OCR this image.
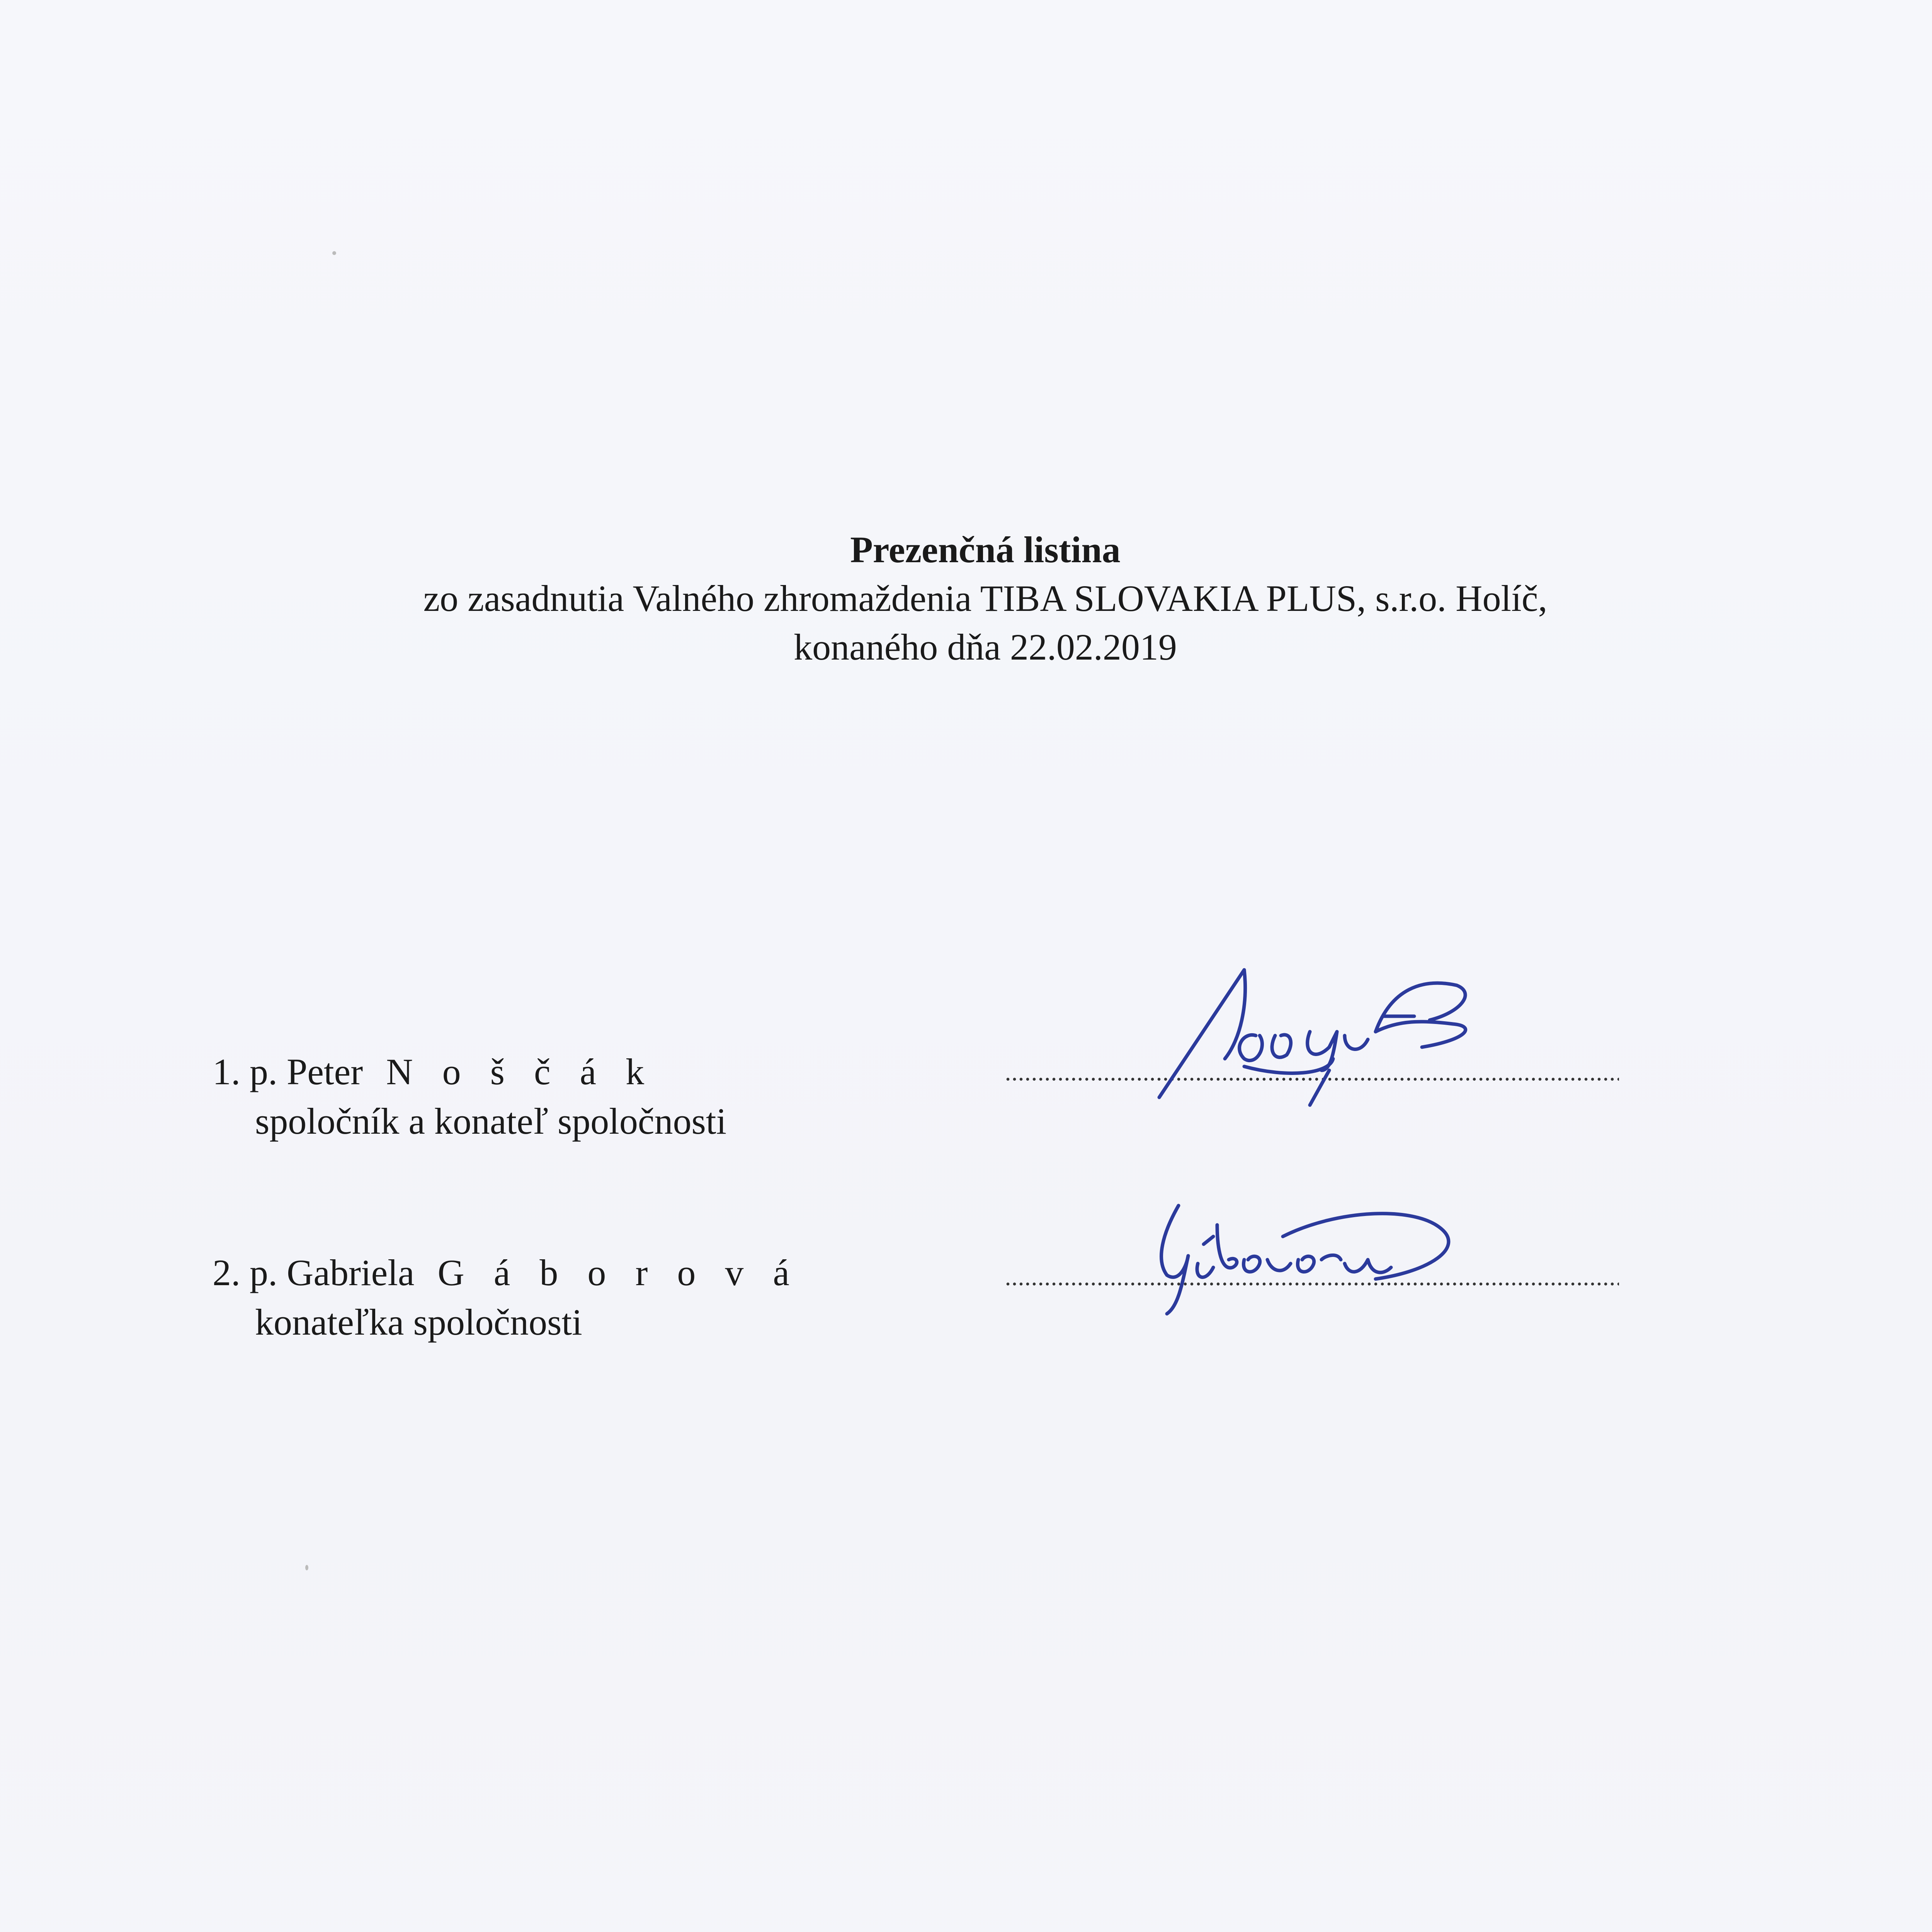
Prezenčná listina
zo zasadnutia Valného zhromaždenia TIBA SLOVAKIA PLUS, s.r.o. Holíč,
konaného dňa 22.02.2019
1. p. Peter N o š č á k
spoločník a konateľ spoločnosti
2. p. Gabriela G á b o r o v á
konateľka spoločnosti
